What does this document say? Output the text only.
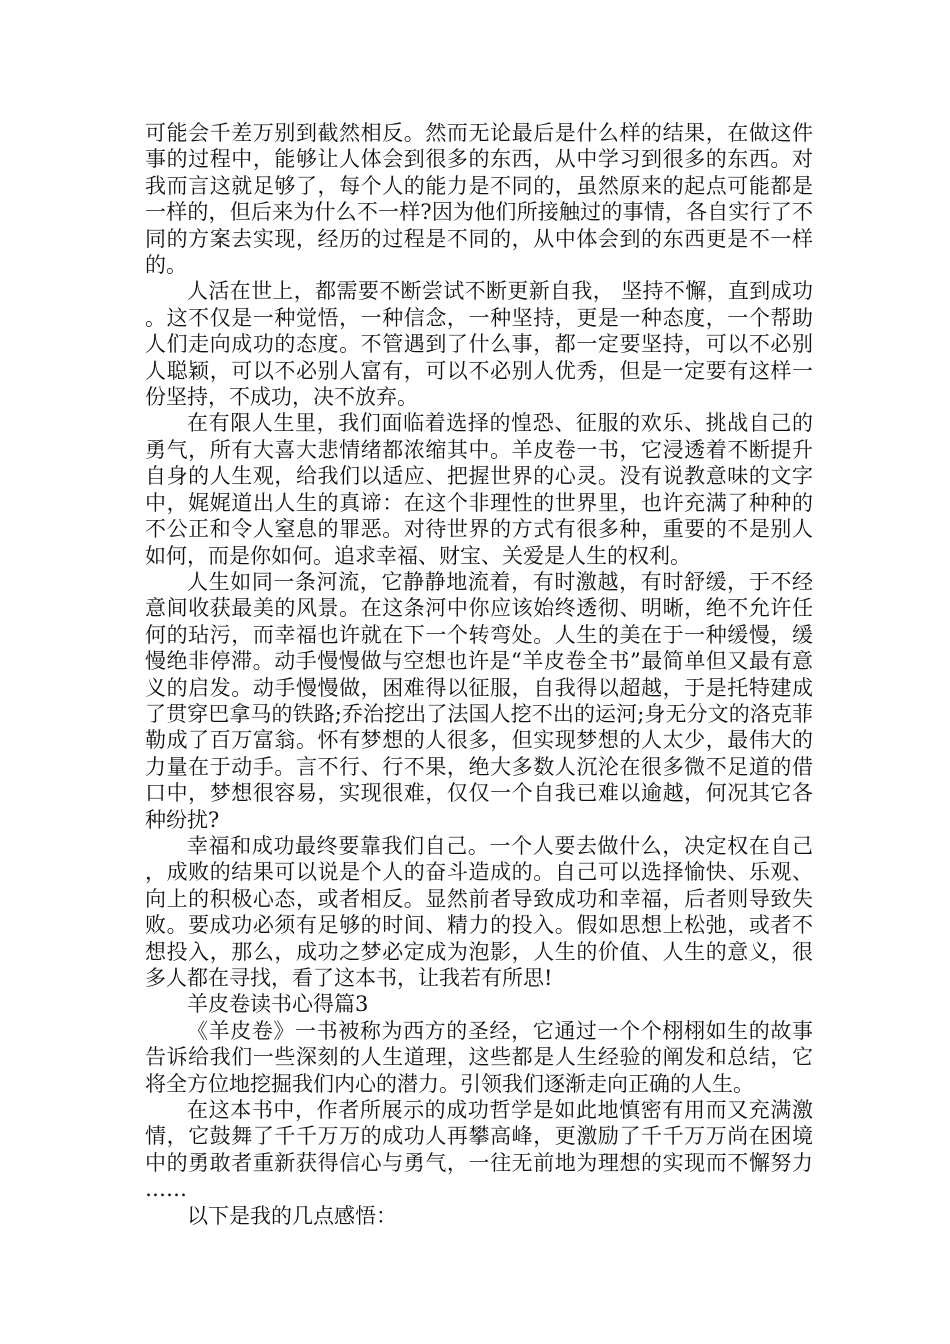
可能会千差万别到截然相反。然而无论最后是什么样的结果，在做这件事的过程中，能够让人体会到很多的东西，从中学习到很多的东西。对我而言这就足够了，每个人的能力是不同的，虽然原来的起点可能都是一样的，但后来为什么不一样?因为他们所接触过的事情，各自实行了不同的方案去实现，经历的过程是不同的，从中体会到的东西更是不一样的。

人活在世上，都需要不断尝试不断更新自我， 坚持不懈，直到成功。这不仅是一种觉悟，一种信念，一种坚持，更是一种态度，一个帮助人们走向成功的态度。不管遇到了什么事，都一定要坚持，可以不必别人聪颖，可以不必别人富有，可以不必别人优秀，但是一定要有这样一份坚持，不成功，决不放弃。

在有限人生里，我们面临着选择的惶恐、征服的欢乐、挑战自己的勇气，所有大喜大悲情绪都浓缩其中。羊皮卷一书，它浸透着不断提升自身的人生观，给我们以适应、把握世界的心灵。没有说教意味的文字中，娓娓道出人生的真谛：在这个非理性的世界里，也许充满了种种的不公正和令人窒息的罪恶。对待世界的方式有很多种，重要的不是别人如何，而是你如何。追求幸福、财宝、关爱是人生的权利。

人生如同一条河流，它静静地流着，有时激越，有时舒缓，于不经意间收获最美的风景。在这条河中你应该始终透彻、明晰，绝不允许任何的玷污，而幸福也许就在下一个转弯处。人生的美在于一种缓慢，缓慢绝非停滞。动手慢慢做与空想也许是“羊皮卷全书”最简单但又最有意义的启发。动手慢慢做，困难得以征服，自我得以超越，于是托特建成了贯穿巴拿马的铁路;乔治挖出了法国人挖不出的运河;身无分文的洛克菲勒成了百万富翁。怀有梦想的人很多，但实现梦想的人太少，最伟大的力量在于动手。言不行、行不果，绝大多数人沉沦在很多微不足道的借口中，梦想很容易，实现很难，仅仅一个自我已难以逾越，何况其它各种纷扰?

幸福和成功最终要靠我们自己。一个人要去做什么，决定权在自己，成败的结果可以说是个人的奋斗造成的。自己可以选择愉快、乐观、向上的积极心态，或者相反。显然前者导致成功和幸福，后者则导致失败。要成功必须有足够的时间、精力的投入。假如思想上松弛，或者不想投入，那么，成功之梦必定成为泡影，人生的价值、人生的意义，很多人都在寻找，看了这本书，让我若有所思!

羊皮卷读书心得篇3

《羊皮卷》一书被称为西方的圣经，它通过一个个栩栩如生的故事告诉给我们一些深刻的人生道理，这些都是人生经验的阐发和总结，它将全方位地挖掘我们内心的潜力。引领我们逐渐走向正确的人生。

在这本书中，作者所展示的成功哲学是如此地慎密有用而又充满激情，它鼓舞了千千万万的成功人再攀高峰，更激励了千千万万尚在困境中的勇敢者重新获得信心与勇气，一往无前地为理想的实现而不懈努力……

以下是我的几点感悟：
